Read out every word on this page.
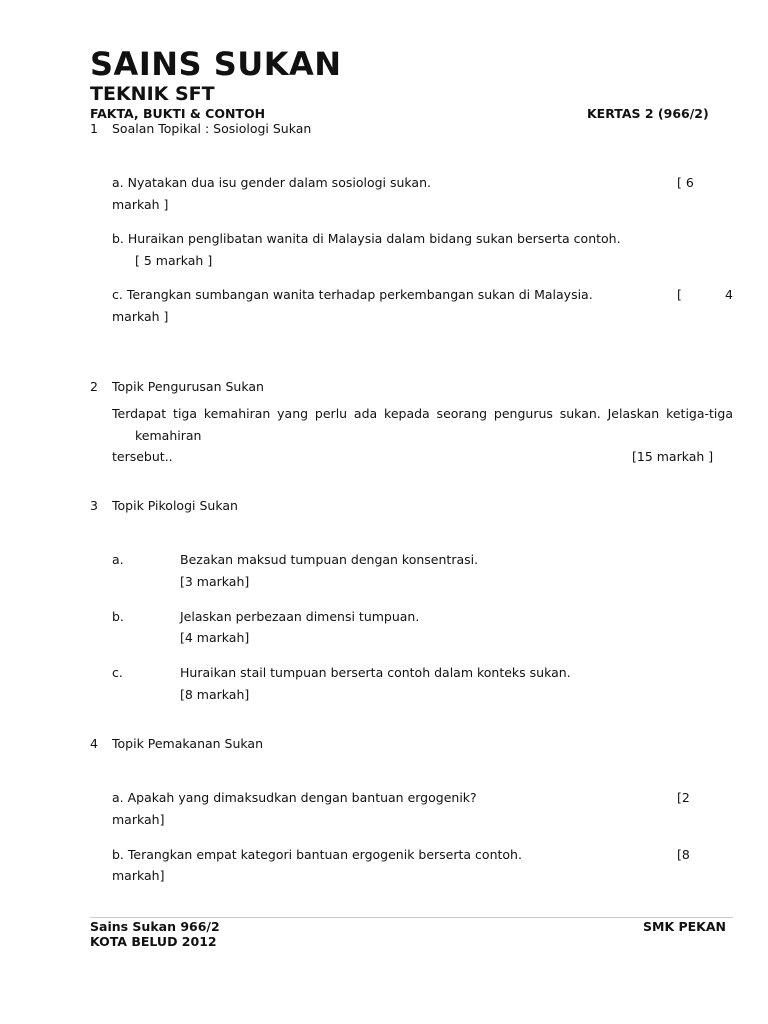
SAINS SUKAN
TEKNIK SFT
FAKTA, BUKTI & CONTOH	KERTAS 2 (966/2)
1 Soalan Topikal : Sosiologi Sukan
a. Nyatakan dua isu gender dalam sosiologi sukan.	[ 6
markah ]
b. Huraikan penglibatan wanita di Malaysia dalam bidang sukan berserta contoh.
[ 5 markah ]
c. Terangkan sumbangan wanita terhadap perkembangan sukan di Malaysia.	[	4
markah ]
2 Topik Pengurusan Sukan
Terdapat tiga kemahiran yang perlu ada kepada seorang pengurus sukan. Jelaskan ketiga-tiga
kemahiran
tersebut..	[15 markah ]
3 Topik Pikologi Sukan
a.	Bezakan maksud tumpuan dengan konsentrasi.
[3 markah]
b.	Jelaskan perbezaan dimensi tumpuan.
[4 markah]
c.	Huraikan stail tumpuan berserta contoh dalam konteks sukan.
[8 markah]
4 Topik Pemakanan Sukan
a. Apakah yang dimaksudkan dengan bantuan ergogenik?	[2
markah]
b. Terangkan empat kategori bantuan ergogenik berserta contoh.	[8
markah]
Sains Sukan 966/2
KOTA BELUD 2012
SMK PEKAN
